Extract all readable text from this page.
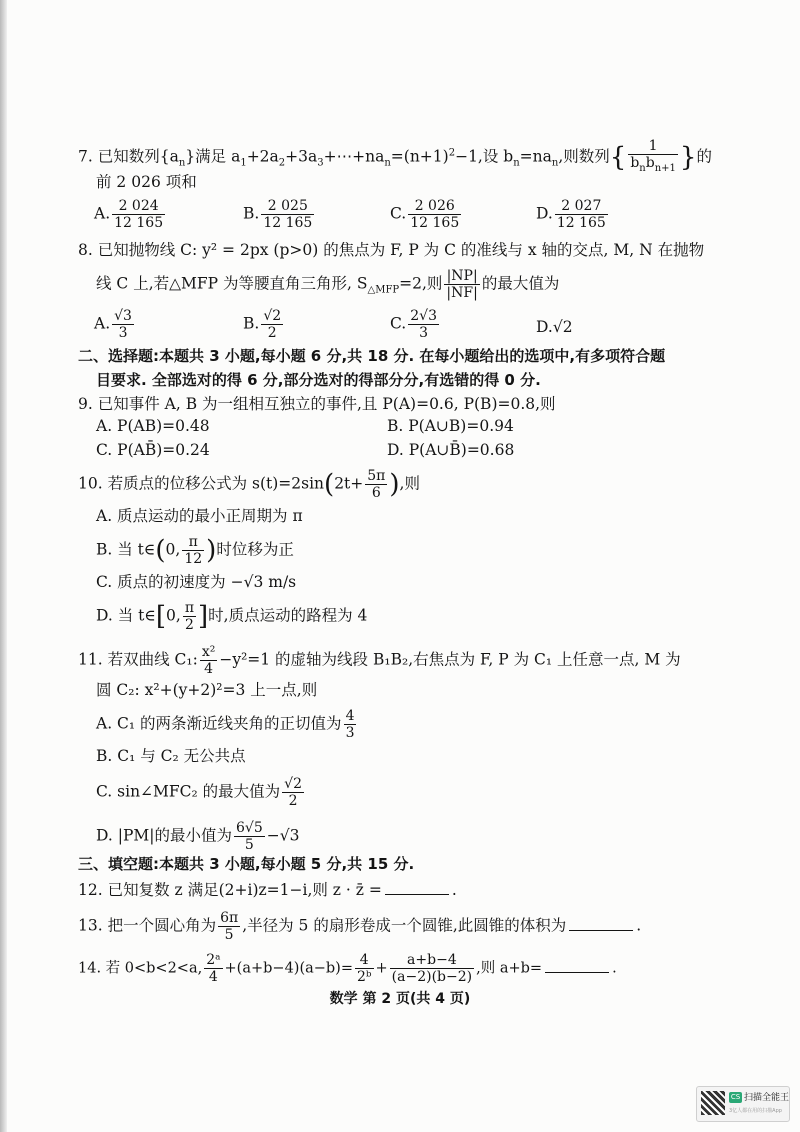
7. 已知数列$\{a_n\}$满足 $a_1+2a_2+3a_3+\cdots+na_n=(n+1)^2-1$,设 $b_n=na_n$,则数列{ $\frac{1}{b_nb_{n+1}}$ }的
前 2 026 项和
A. $\frac{2 024}{12 165}$	B. $\frac{2 025}{12 165}$	C. $\frac{2 026}{12 165}$	D. $\frac{2 027}{12 165}$
8. 已知抛物线 C: y² = 2px (p>0) 的焦点为 F, P 为 C 的准线与 x 轴的交点, M, N 在抛物
线 C 上,若△MFP 为等腰直角三角形, $S_{\triangle MFP}=2$,则 $\frac{|NP|}{|NF|}$ 的最大值为
A. $\frac{√3}{3}$	B. $\frac{√2}{2}$	C. $\frac{2√3}{3}$	D.√2
二、选择题:本题共 3 小题,每小题 6 分,共 18 分. 在每小题给出的选项中,有多项符合题
目要求. 全部选对的得 6 分,部分选对的得部分分,有选错的得 0 分.
9. 已知事件 A, B 为一组相互独立的事件,且 P(A)=0.6, P(B)=0.8,则
A. P(AB)=0.48	B. P(A∪B)=0.94
C. P(AB̄)=0.24	D. P(A∪B̄)=0.68
10. 若质点的位移公式为 $s(t)=2\sin(2t+ \frac{5\pi}{6}$ ),则
A. 质点运动的最小正周期为 π
B. 当 t∈(0, $\frac{\pi}{12}$ )时位移为正
C. 质点的初速度为 −√3 m/s
D. 当 t∈[0, $\frac{\pi}{2}$ ]时,质点运动的路程为 4
11. 若双曲线 C₁: $\frac{\text{x²}}{4} -y^2=1$ 的虚轴为线段 B₁B₂,右焦点为 F, P 为 C₁ 上任意一点, M 为
圆 C₂: x²+(y+2)²=3 上一点,则
A. C₁ 的两条渐近线夹角的正切值为 $\frac{4}{3}$
B. C₁ 与 C₂ 无公共点
C. sin∠MFC₂ 的最大值为 $\frac{√2}{2}$
D. |PM|的最小值为 $\frac{6√5}{5} -√3$
三、填空题:本题共 3 小题,每小题 5 分,共 15 分.
12. 已知复数 z 满足(2+i)z=1−i,则 z · z̄ =	.
13. 把一个圆心角为 $\frac{6\pi}{5}$ ,半径为 5 的扇形卷成一个圆锥,此圆锥的体积为	.
14. 若 0<b<2<a, $\frac{\text{2ᵃ}}{4} +(a+b-4)(a-b)= \frac{4}{\text{2ᵇ}} + \frac{a+b-4}{(a-2)(b-2)}$ ,则 a+b=	.
数学 第 2 页(共 4 页)
CS 扫描全能王
3亿人都在用的扫描App
